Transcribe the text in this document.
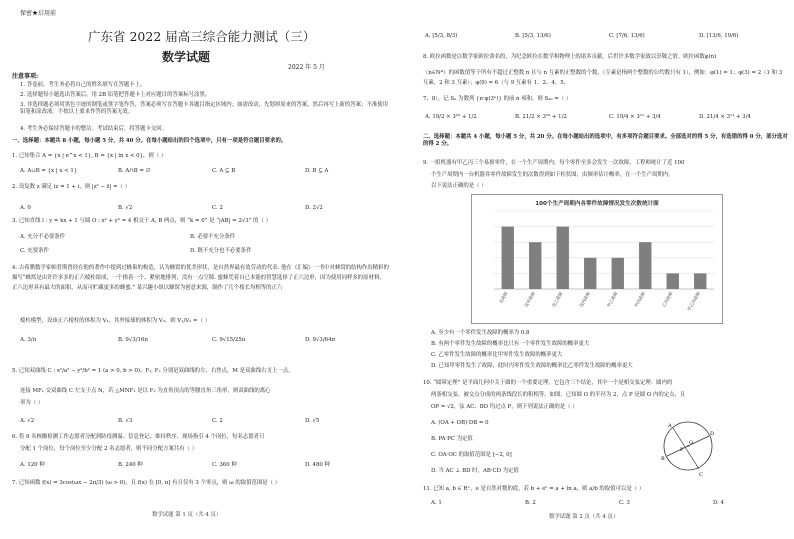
保密★启用前
广东省 2022 届高三综合能力测试（三）
数学试题
2022 年 5 月
注意事项:
1. 答卷前，考生务必将自己的姓名填写在答题卡上。
2. 选择题每小题选出答案后，用 2B 铅笔把答题卡上对应题目的答案标号涂黑。
3. 非选择题必须用黑色字迹的钢笔或签字笔作答，答案必须写在答题卡各题目指定区域内；如需改动，先划掉原来的答案，然后再写上新的答案；不准使用铅笔和涂改液。不按以上要求作答的答案无效。
4. 考生务必保持答题卡的整洁。考试结束后，将答题卡交回。
一、选择题：本题共 8 小题，每小题 5 分，共 40 分。在每小题给出的四个选项中，只有一项是符合题目要求的。
1. 已知集合 A = {x | e^x < 1}, B = {x | ln x < 0}，则（ ）
A. A∪B = {x | x < 1}	B. A∩B = ∅	C. A ⊆ B	D. B ⊆ A
2. 设复数 z 满足 iz = 1 + i，则 |z² − z̄| =（ ）
A. 0	B. √2	C. 2	D. 2√2
3. 已知直线 l : y = kx + 1 与圆 O : x² + y² = 4 相交于 A, B 两点，则 “k = 0” 是 “|AB| = 2√3” 的（ ）
A. 充分不必要条件	B. 必要不充分条件
C. 充要条件	D. 既不充分也不必要条件
4. 古希腊数学家帕普斯曾经在他的著作中提到过蜂巢的构造，认为蜂窝的优美形状，是自然界最有效劳动的代表. 他在《汇编》一书中对蜂窝的结构作出精彩的描写“蜂窝是由许许多多的正六棱柱组成，一个挨着一个，紧密地排列，没有一点空隙. 蜜蜂凭着自己本能的智慧选择了正六边形，因为使用同样多的原材料，正六边形具有最大的面积，从而可贮藏更多的蜂蜜.” 某兴趣小组以蜂窝为创意来源，制作了几个棱长均相等的正六
棱柱模型，设该正六棱柱的体积为 V₁，其外接球的体积为 V₂，则 V₁/V₂ =（ ）
A. 3/π	B. 9√3/16π	C. 9√15/25π	D. 9√3/64π
5. 已知双曲线 C : x²/a² − y²/b² = 1 (a > 0, b > 0)，F₁, F₂ 分别是双曲线的左、右焦点，M 是双曲线右支上一点，
连接 MF₁ 交双曲线 C 左支于点 N，若 △MNF₂ 是以 F₂ 为直角顶点的等腰直角三角形，则双曲线的离心
率为（ ）
A. √2	B. √3	C. 2	D. √5
6. 将 8 名核酸检测工作志愿者分配到防疫测温、信息登记、维持秩序、现场指引 4 个岗位，每名志愿者只
分配 1 个岗位，每个岗位至少分配 2 名志愿者，则不同分配方案共有（ ）
A. 120 种	B. 240 种	C. 360 种	D. 480 种
7. 已知函数 f(x) = 3cos(ωx − 2π/3) (ω > 0)，且 f(x) 在 [0, π] 有且仅有 3 个零点，则 ω 的取值范围是（ ）
数学试题 第 1 页（共 4 页）
A. [5/3, 8/3)	B. [5/3, 13/6)	C. [7/6, 13/6)	D. [13/6, 19/6)
8. 欧拉函数是以数学家欧拉命名的，为纪念欧拉在数学和物理上的诸多贡献，后世许多数学家致以崇敬之情。欧拉函数φ(n)
（n∈N*）的函数值等于所有不超过正整数 n 且与 n 互素的正整数的个数，（互素是指两个整数的公约数只有 1），例如：φ(1) = 1；φ(3) = 2（1 和 3 互素，2 和 3 互素）；φ(9) = 6（与 9 互素有 1、2、4、5、
7、8）。记 Sₙ 为数列 {n·φ(3ⁿ)} 的前 n 项和，则 S₁₀ =（ ）
A. 19/2 × 3²⁰ + 1/2	B. 21/2 × 3²⁰ + 1/2	C. 19/4 × 3¹¹ + 3/4	D. 21/4 × 3¹¹ + 3/4
二、选择题：本题共 4 小题，每小题 5 分，共 20 分。在每小题给出的选项中，有多项符合题目要求。全部选对的得 5 分，有选错的得 0 分，部分选对的得 2 分。
9. 一组机器有甲乙丙三个易损零件，在一个生产周期内，每个零件至多会发生一次故障，工程师统计了近 100
个生产周期内一台机器各零件故障发生的次数得到如下柱状图，由频率估计概率，在一个生产周期内，
以下说法正确的是（ ）
100个生产周期内各零件故障情况发生次数统计图
无故障	仅甲故障	仅乙故障	仅丙故障	甲乙故障	甲丙故障	乙丙故障	甲乙丙故障
A. 至少有一个零件发生故障的概率为 0.8
B. 有两个零件发生故障的概率比只有一个零件发生故障的概率更大
C. 乙零件发生故障的概率比甲零件发生故障的概率更大
D. 已知甲零件发生了故障，此时丙零件发生故障的概率比乙零件发生故障的概率更大
10. “圆幂定理” 是平面几何中关于圆的一个重要定理，它包含三个结论，其中一个是相交弦定理：圆内的
两条相交弦，被交点分成的两条线段长的积相等。如图，已知圆 O 的半径为 2，点 P 是圆 O 内的定点，且
OP = √2，弦 AC、BD 均过点 P，则下列说法正确的是（ ）
A. (OA + OB)·DB = 0
B. PA·PC 为定值
C. OA·OC 的取值范围是 [−2, 0]
D. 当 AC ⊥ BD 时，AB·CD 为定值
A
B
C
D
O
P
11. 已知 a, b ∈ R⁺，e 是自然对数的底，若 b + eᵇ = a + ln a，则 a/b 的取值可以是（ ）
A. 1	B. 2	C. 3	D. 4
数学试题 第 2 页（共 4 页）
